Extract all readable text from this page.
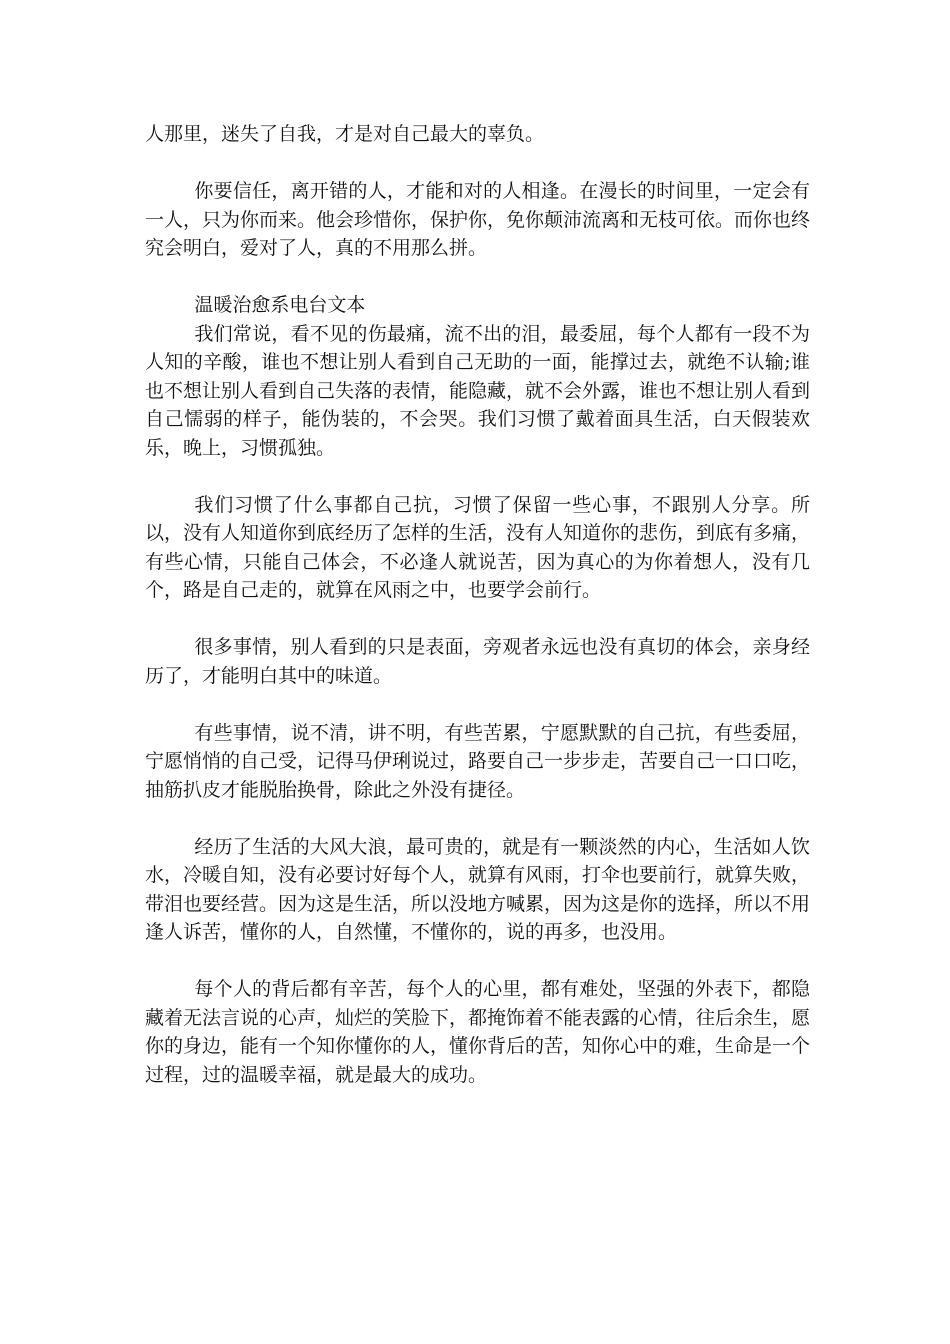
人那里，迷失了自我，才是对自己最大的辜负。

你要信任，离开错的人，才能和对的人相逢。在漫长的时间里，一定会有一人，只为你而来。他会珍惜你，保护你，免你颠沛流离和无枝可依。而你也终究会明白，爱对了人，真的不用那么拼。

温暖治愈系电台文本

我们常说，看不见的伤最痛，流不出的泪，最委屈，每个人都有一段不为人知的辛酸，谁也不想让别人看到自己无助的一面，能撑过去，就绝不认输;谁也不想让别人看到自己失落的表情，能隐藏，就不会外露，谁也不想让别人看到自己懦弱的样子，能伪装的，不会哭。我们习惯了戴着面具生活，白天假装欢乐，晚上，习惯孤独。

我们习惯了什么事都自己抗，习惯了保留一些心事，不跟别人分享。所以，没有人知道你到底经历了怎样的生活，没有人知道你的悲伤，到底有多痛，有些心情，只能自己体会，不必逢人就说苦，因为真心的为你着想人，没有几个，路是自己走的，就算在风雨之中，也要学会前行。

很多事情，别人看到的只是表面，旁观者永远也没有真切的体会，亲身经历了，才能明白其中的味道。

有些事情，说不清，讲不明，有些苦累，宁愿默默的自己抗，有些委屈，宁愿悄悄的自己受，记得马伊琍说过，路要自己一步步走，苦要自己一口口吃，抽筋扒皮才能脱胎换骨，除此之外没有捷径。

经历了生活的大风大浪，最可贵的，就是有一颗淡然的内心，生活如人饮水，冷暖自知，没有必要讨好每个人，就算有风雨，打伞也要前行，就算失败，带泪也要经营。因为这是生活，所以没地方喊累，因为这是你的选择，所以不用逢人诉苦，懂你的人，自然懂，不懂你的，说的再多，也没用。

每个人的背后都有辛苦，每个人的心里，都有难处，坚强的外表下，都隐藏着无法言说的心声，灿烂的笑脸下，都掩饰着不能表露的心情，往后余生，愿你的身边，能有一个知你懂你的人，懂你背后的苦，知你心中的难，生命是一个过程，过的温暖幸福，就是最大的成功。
